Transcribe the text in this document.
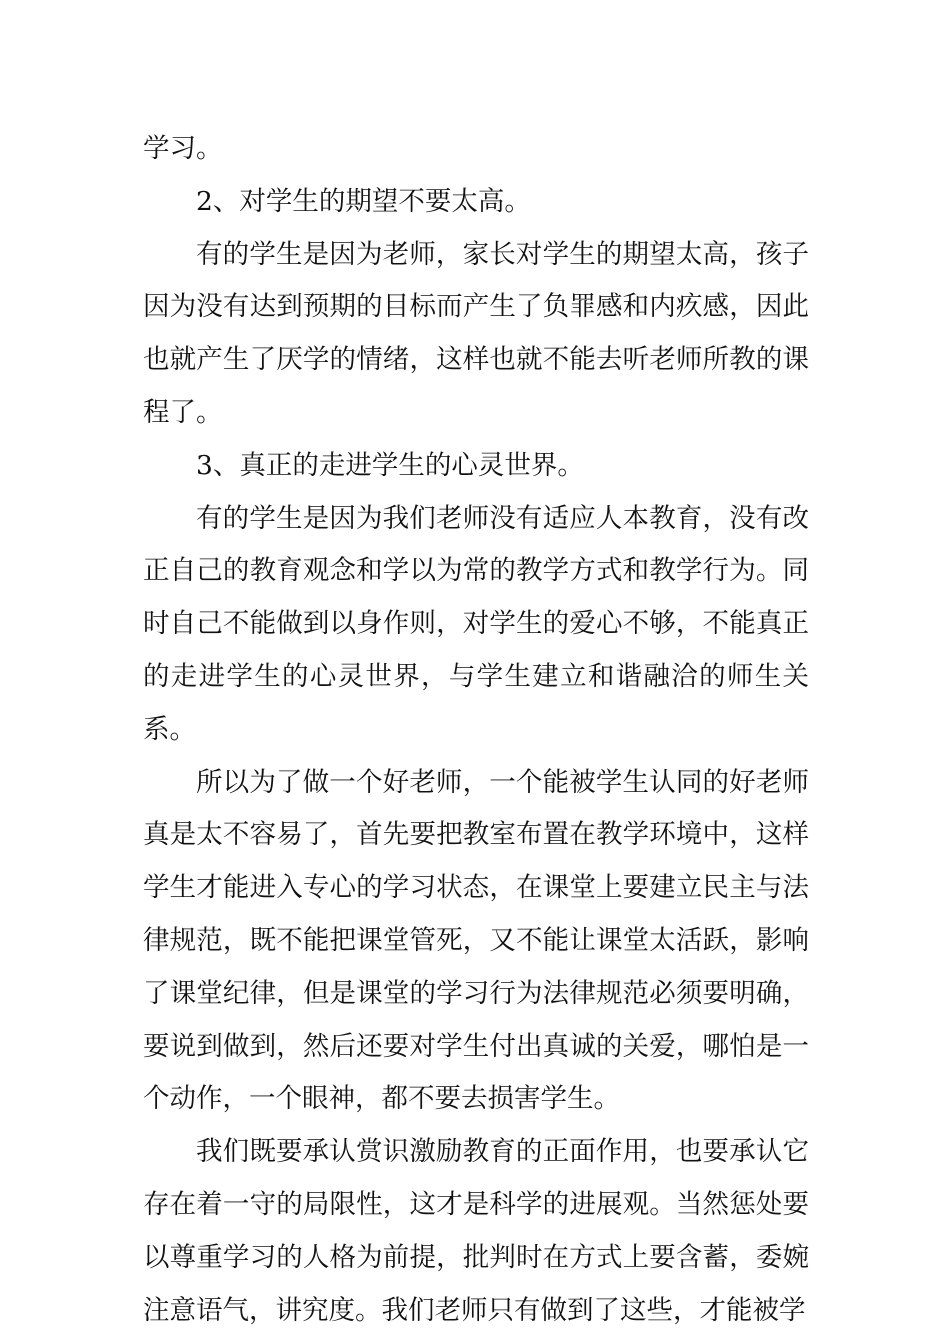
学习。

2、对学生的期望不要太高。

有的学生是因为老师，家长对学生的期望太高，孩子因为没有达到预期的目标而产生了负罪感和内疚感，因此也就产生了厌学的情绪，这样也就不能去听老师所教的课程了。

3、真正的走进学生的心灵世界。

有的学生是因为我们老师没有适应人本教育，没有改正自己的教育观念和学以为常的教学方式和教学行为。同时自己不能做到以身作则，对学生的爱心不够，不能真正的走进学生的心灵世界，与学生建立和谐融洽的师生关系。

所以为了做一个好老师，一个能被学生认同的好老师真是太不容易了，首先要把教室布置在教学环境中，这样学生才能进入专心的学习状态，在课堂上要建立民主与法律规范，既不能把课堂管死，又不能让课堂太活跃，影响了课堂纪律，但是课堂的学习行为法律规范必须要明确，要说到做到，然后还要对学生付出真诚的关爱，哪怕是一个动作，一个眼神，都不要去损害学生。

我们既要承认赏识激励教育的正面作用，也要承认它存在着一守的局限性，这才是科学的进展观。当然惩处要以尊重学习的人格为前提，批判时在方式上要含蓄，委婉注意语气，讲究度。我们老师只有做到了这些，才能被学
